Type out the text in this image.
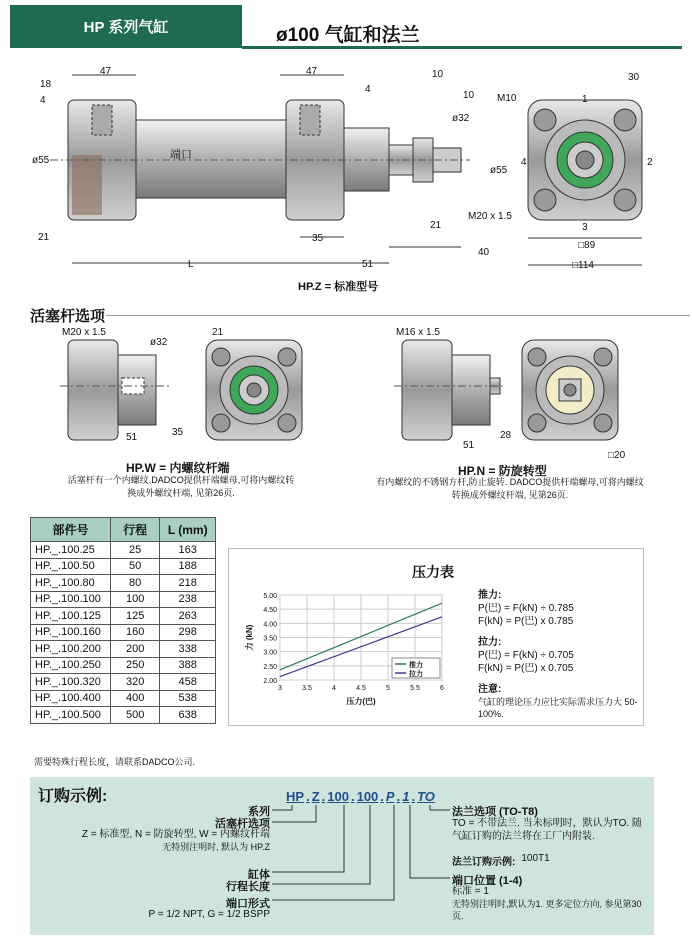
HP 系列气缸	ø100 气缸和法兰
47	47
18
4
4
10
10
ø32
ø55
ø55
30
M10	1
2
3
4
21
21
M20 x 1.5
35
51
40
L
□89
□114
端口
HP.Z = 标准型号
活塞杆选项
M20 x 1.5
ø32
21
51	35
HP.W = 内螺纹杆端
活塞杆有一个内螺纹.DADCO提供杆端螺母,可将内螺纹转换成外螺纹杆端, 见第26页.
M16 x 1.5
28
51
□20
HP.N = 防旋转型
有内螺纹的不锈钢方杆,防止旋转. DADCO提供杆端螺母,可将内螺纹转换成外螺纹杆端, 见第26页.
部件号	行程	L (mm)
HP._.100.25	25	163
HP._.100.50	50	188
HP._.100.80	80	218
HP._.100.100	100	238
HP._.100.125	125	263
HP._.100.160	160	298
HP._.100.200	200	338
HP._.100.250	250	388
HP._.100.320	320	458
HP._.100.400	400	538
HP._.100.500	500	638
需要特殊行程长度，请联系DADCO公司.
压力表
2.00
2.50
3.00
3.50
4.00
4.50
5.00
3	3.5	4	4.5	5	5.5	6
推力
拉力
压力(巴)
力 (kN)
推力:
P(巴) = F(kN) ÷ 0.785
F(kN) = P(巴) x 0.785
拉力:
P(巴) = F(kN) ÷ 0.705
F(kN) = P(巴) x 0.705
注意:
气缸的理论压力应比实际需求压力大 50-100%.
订购示例:	HP . Z . 100 . 100 . P . 1 . TO
系列
活塞杆选项
Z = 标准型, N = 防旋转型, W = 内螺纹杆端
无特别注明时, 默认为 HP.Z
缸体
行程长度
端口形式
P = 1/2 NPT, G = 1/2 BSPP
法兰选项 (TO-T8)
TO = 不带法兰. 当未标明时，默认为TO. 随气缸订购的法兰将在工厂内附装.
法兰订购示例: 100T1
端口位置 (1-4)
标准 = 1
无特别注明时,默认为1. 更多定位方向, 参见第30页.
